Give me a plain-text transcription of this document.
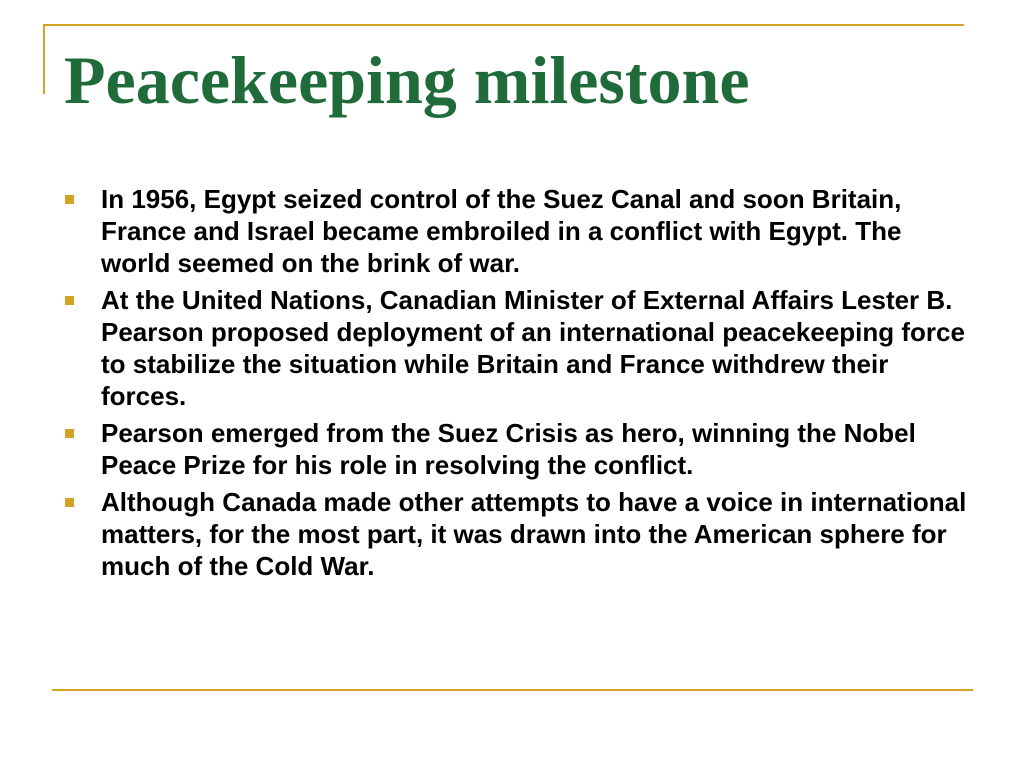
Peacekeeping milestone
In 1956, Egypt seized control of the Suez Canal and soon Britain, France and Israel became embroiled in a conflict with Egypt. The world seemed on the brink of war.
At the United Nations, Canadian Minister of External Affairs Lester B. Pearson proposed deployment of an international peacekeeping force to stabilize the situation while Britain and France withdrew their forces.
Pearson emerged from the Suez Crisis as hero, winning the Nobel Peace Prize for his role in resolving the conflict.
Although Canada made other attempts to have a voice in international matters, for the most part, it was drawn into the American sphere for much of the Cold War.
